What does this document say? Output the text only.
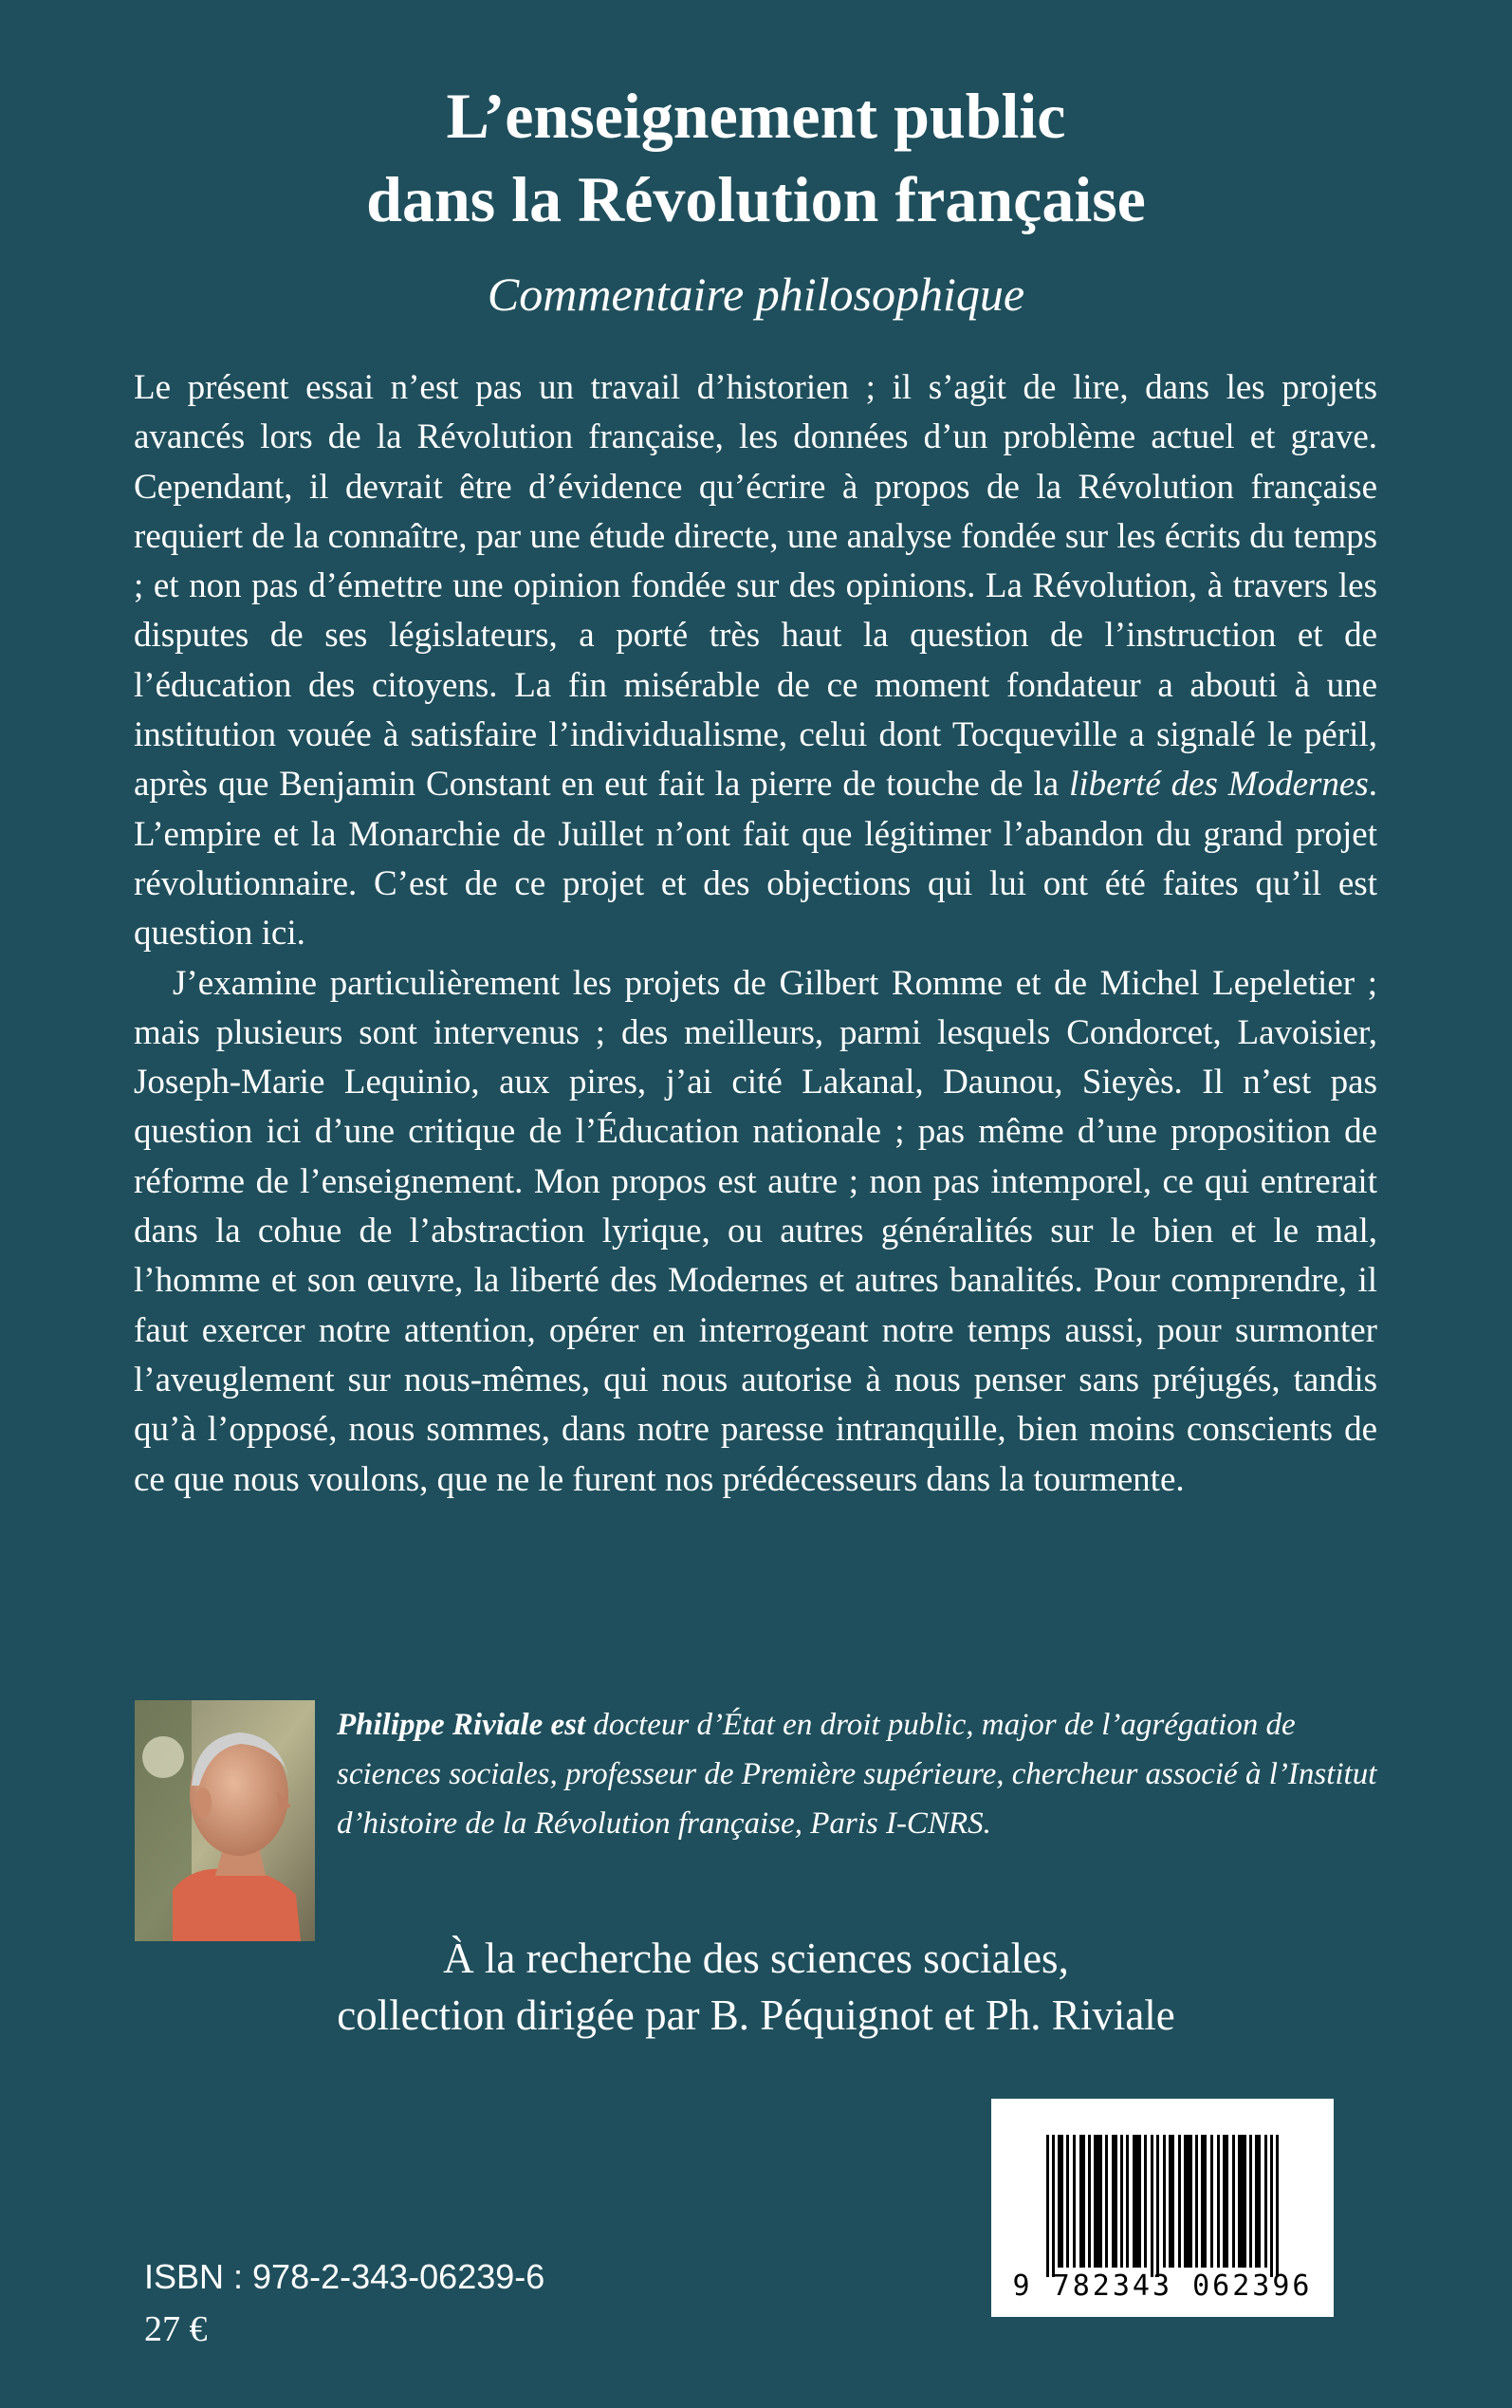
L’enseignement public
dans la Révolution française

Commentaire philosophique

Le présent essai n’est pas un travail d’historien ; il s’agit de lire, dans les projets avancés lors de la Révolution française, les données d’un problème actuel et grave. Cependant, il devrait être d’évidence qu’écrire à propos de la Révolution française requiert de la connaître, par une étude directe, une analyse fondée sur les écrits du temps ; et non pas d’émettre une opinion fondée sur des opinions. La Révolution, à travers les disputes de ses législateurs, a porté très haut la question de l’instruction et de l’éducation des citoyens. La fin misérable de ce moment fondateur a abouti à une institution vouée à satisfaire l’individualisme, celui dont Tocqueville a signalé le péril, après que Benjamin Constant en eut fait la pierre de touche de la liberté des Modernes. L’empire et la Monarchie de Juillet n’ont fait que légitimer l’abandon du grand projet révolutionnaire. C’est de ce projet et des objections qui lui ont été faites qu’il est question ici.

J’examine particulièrement les projets de Gilbert Romme et de Michel Lepeletier ; mais plusieurs sont intervenus ; des meilleurs, parmi lesquels Condorcet, Lavoisier, Joseph-Marie Lequinio, aux pires, j’ai cité Lakanal, Daunou, Sieyès. Il n’est pas question ici d’une critique de l’Éducation nationale ; pas même d’une proposition de réforme de l’enseignement. Mon propos est autre ; non pas intemporel, ce qui entrerait dans la cohue de l’abstraction lyrique, ou autres généralités sur le bien et le mal, l’homme et son œuvre, la liberté des Modernes et autres banalités. Pour comprendre, il faut exercer notre attention, opérer en interrogeant notre temps aussi, pour surmonter l’aveuglement sur nous-mêmes, qui nous autorise à nous penser sans préjugés, tandis qu’à l’opposé, nous sommes, dans notre paresse intranquille, bien moins conscients de ce que nous voulons, que ne le furent nos prédécesseurs dans la tourmente.

Philippe Riviale est docteur d’État en droit public, major de l’agrégation de sciences sociales, professeur de Première supérieure, chercheur associé à l’Institut d’histoire de la Révolution française, Paris I-CNRS.

À la recherche des sciences sociales,
collection dirigée par B. Péquignot et Ph. Riviale

9 782343 062396
ISBN : 978-2-343-06239-6
27 €
